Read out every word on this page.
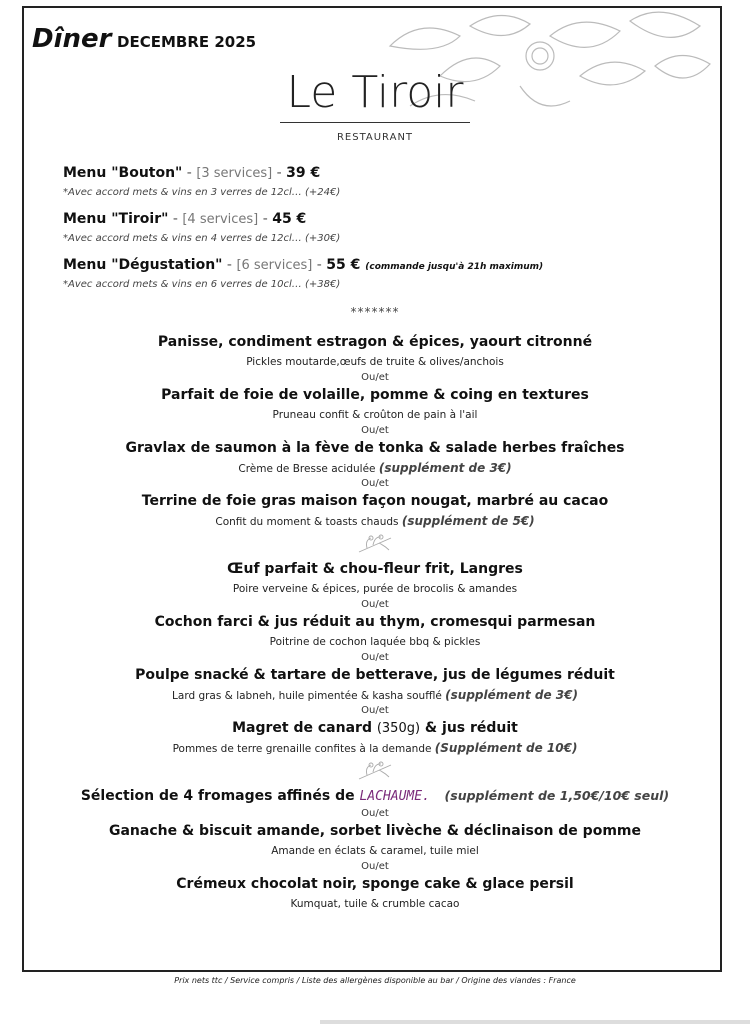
Dîner DECEMBRE 2025
Le Tiroir
RESTAURANT
Menu "Bouton" - [3 services] - 39 €
*Avec accord mets & vins en 3 verres de 12cl… (+24€)
Menu "Tiroir" - [4 services] - 45 €
*Avec accord mets & vins en 4 verres de 12cl… (+30€)
Menu "Dégustation" - [6 services] - 55 € (commande jusqu'à 21h maximum)
*Avec accord mets & vins en 6 verres de 10cl… (+38€)
*******
Panisse, condiment estragon & épices, yaourt citronné
Pickles moutarde,œufs de truite & olives/anchois
Ou/et
Parfait de foie de volaille, pomme & coing en textures
Pruneau confit & croûton de pain à l'ail
Ou/et
Gravlax de saumon à la fève de tonka & salade herbes fraîches
Crème de Bresse acidulée (supplément de 3€)
Ou/et
Terrine de foie gras maison façon nougat, marbré au cacao
Confit du moment & toasts chauds (supplément de 5€)
Œuf parfait & chou-fleur frit, Langres
Poire verveine & épices, purée de brocolis & amandes
Ou/et
Cochon farci & jus réduit au thym, cromesqui parmesan
Poitrine de cochon laquée bbq & pickles
Ou/et
Poulpe snacké & tartare de betterave, jus de légumes réduit
Lard gras & labneh, huile pimentée & kasha soufflé (supplément de 3€)
Ou/et
Magret de canard (350g) & jus réduit
Pommes de terre grenaille confites à la demande (Supplément de 10€)
Sélection de 4 fromages affinés de LACHAUME. (supplément de 1,50€/10€ seul)
Ou/et
Ganache & biscuit amande, sorbet livèche & déclinaison de pomme
Amande en éclats & caramel, tuile miel
Ou/et
Crémeux chocolat noir, sponge cake & glace persil
Kumquat, tuile & crumble cacao
Prix nets ttc / Service compris / Liste des allergènes disponible au bar / Origine des viandes : France
